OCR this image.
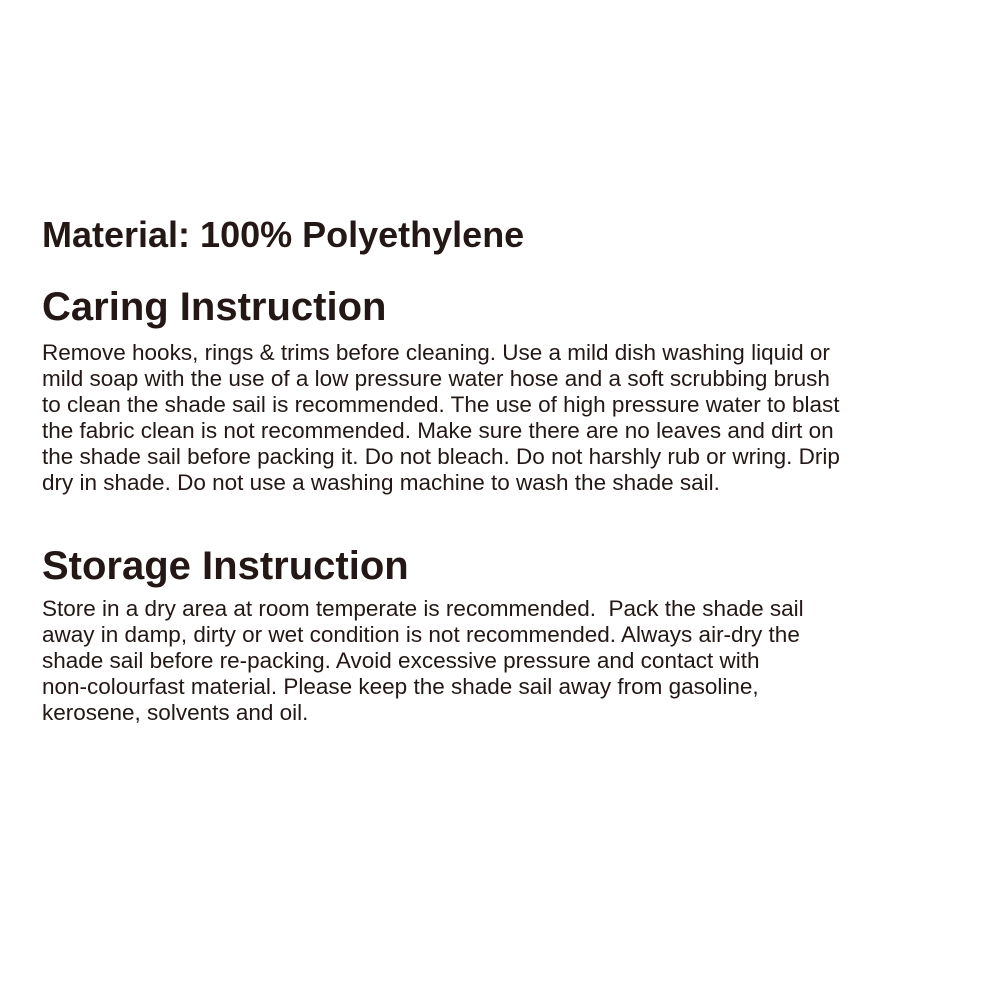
Material: 100% Polyethylene
Caring Instruction
Remove hooks, rings & trims before cleaning. Use a mild dish washing liquid or
mild soap with the use of a low pressure water hose and a soft scrubbing brush
to clean the shade sail is recommended. The use of high pressure water to blast
the fabric clean is not recommended. Make sure there are no leaves and dirt on
the shade sail before packing it. Do not bleach. Do not harshly rub or wring. Drip
dry in shade. Do not use a washing machine to wash the shade sail.
Storage Instruction
Store in a dry area at room temperate is recommended.  Pack the shade sail
away in damp, dirty or wet condition is not recommended. Always air-dry the
shade sail before re-packing. Avoid excessive pressure and contact with
non-colourfast material. Please keep the shade sail away from gasoline,
kerosene, solvents and oil.
